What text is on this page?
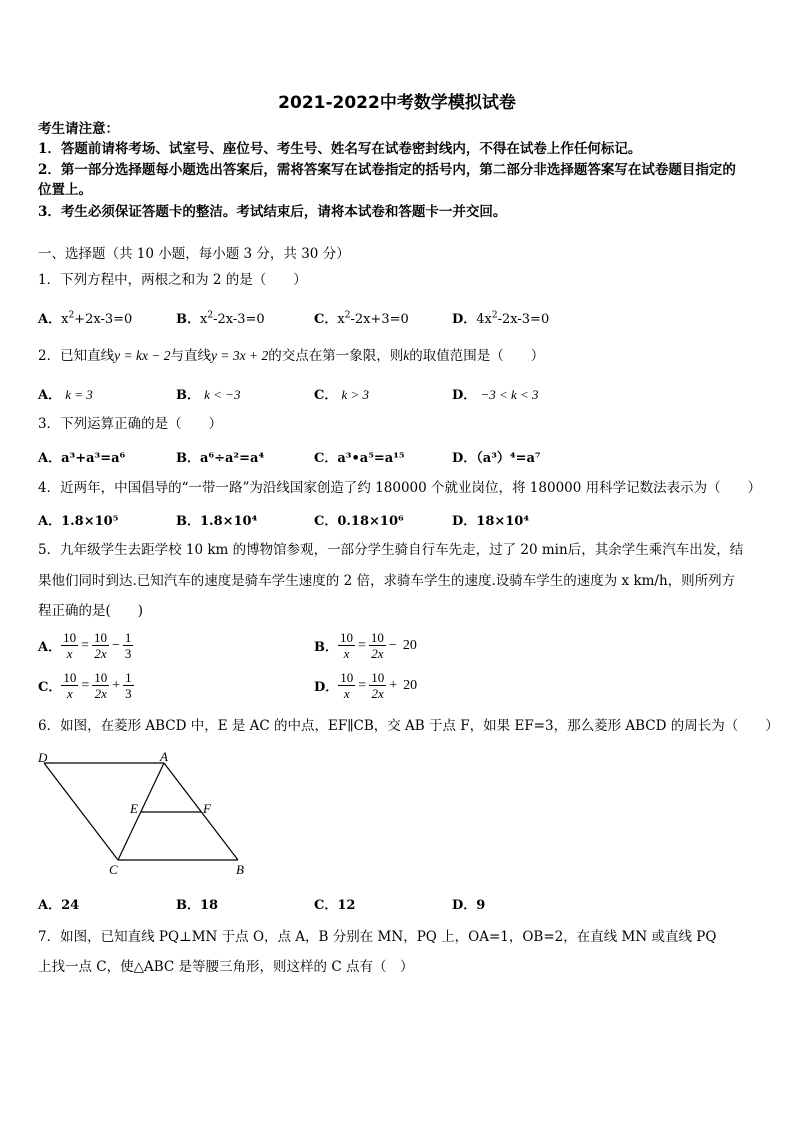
2021-2022中考数学模拟试卷
考生请注意：
1．答题前请将考场、试室号、座位号、考生号、姓名写在试卷密封线内，不得在试卷上作任何标记。
2．第一部分选择题每小题选出答案后，需将答案写在试卷指定的括号内，第二部分非选择题答案写在试卷题目指定的
位置上。
3．考生必须保证答题卡的整洁。考试结束后，请将本试卷和答题卡一并交回。
一、选择题（共 10 小题，每小题 3 分，共 30 分）
1．下列方程中，两根之和为 2 的是（　　）
A．$x^2+2x-3=0$	B．$x^2-2x-3=0$	C．$x^2-2x+3=0$	D．$4x^2-2x-3=0$
2．已知直线y = kx − 2与直线y = 3x + 2的交点在第一象限，则k的取值范围是（　　）
A． k = 3	B． k < −3	C． k > 3	D． −3 < k < 3
3．下列运算正确的是（　　）
A．a³+a³=a⁶	B．a⁶÷a²=a⁴	C．a³•a⁵=a¹⁵	D．（a³）⁴=a⁷
4．近两年，中国倡导的“一带一路”为沿线国家创造了约 180000 个就业岗位，将 180000 用科学记数法表示为（　　）
A．1.8×10⁵	B．1.8×10⁴	C．0.18×10⁶	D．18×10⁴
5．九年级学生去距学校 10 km 的博物馆参观，一部分学生骑自行车先走，过了 20 min后，其余学生乘汽车出发，结
果他们同时到达.已知汽车的速度是骑车学生速度的 2 倍，求骑车学生的速度.设骑车学生的速度为 x km/h，则所列方
程正确的是(　　)
A． $\frac{10}{x} = \frac{10}{2x} - \frac{1}{3}$	B． $\frac{10}{x} = \frac{10}{2x} - 20$
C． $\frac{10}{x} = \frac{10}{2x} + \frac{1}{3}$	D． $\frac{10}{x} = \frac{10}{2x} + 20$
6．如图，在菱形 ABCD 中，E 是 AC 的中点，EF∥CB，交 AB 于点 F，如果 EF=3，那么菱形 ABCD 的周长为（　　）
D	A
E	F
C	B
A．24	B．18	C．12	D．9
7．如图，已知直线 PQ⊥MN 于点 O，点 A，B 分别在 MN，PQ 上，OA=1，OB=2，在直线 MN 或直线 PQ
上找一点 C，使△ABC 是等腰三角形，则这样的 C 点有（　）
